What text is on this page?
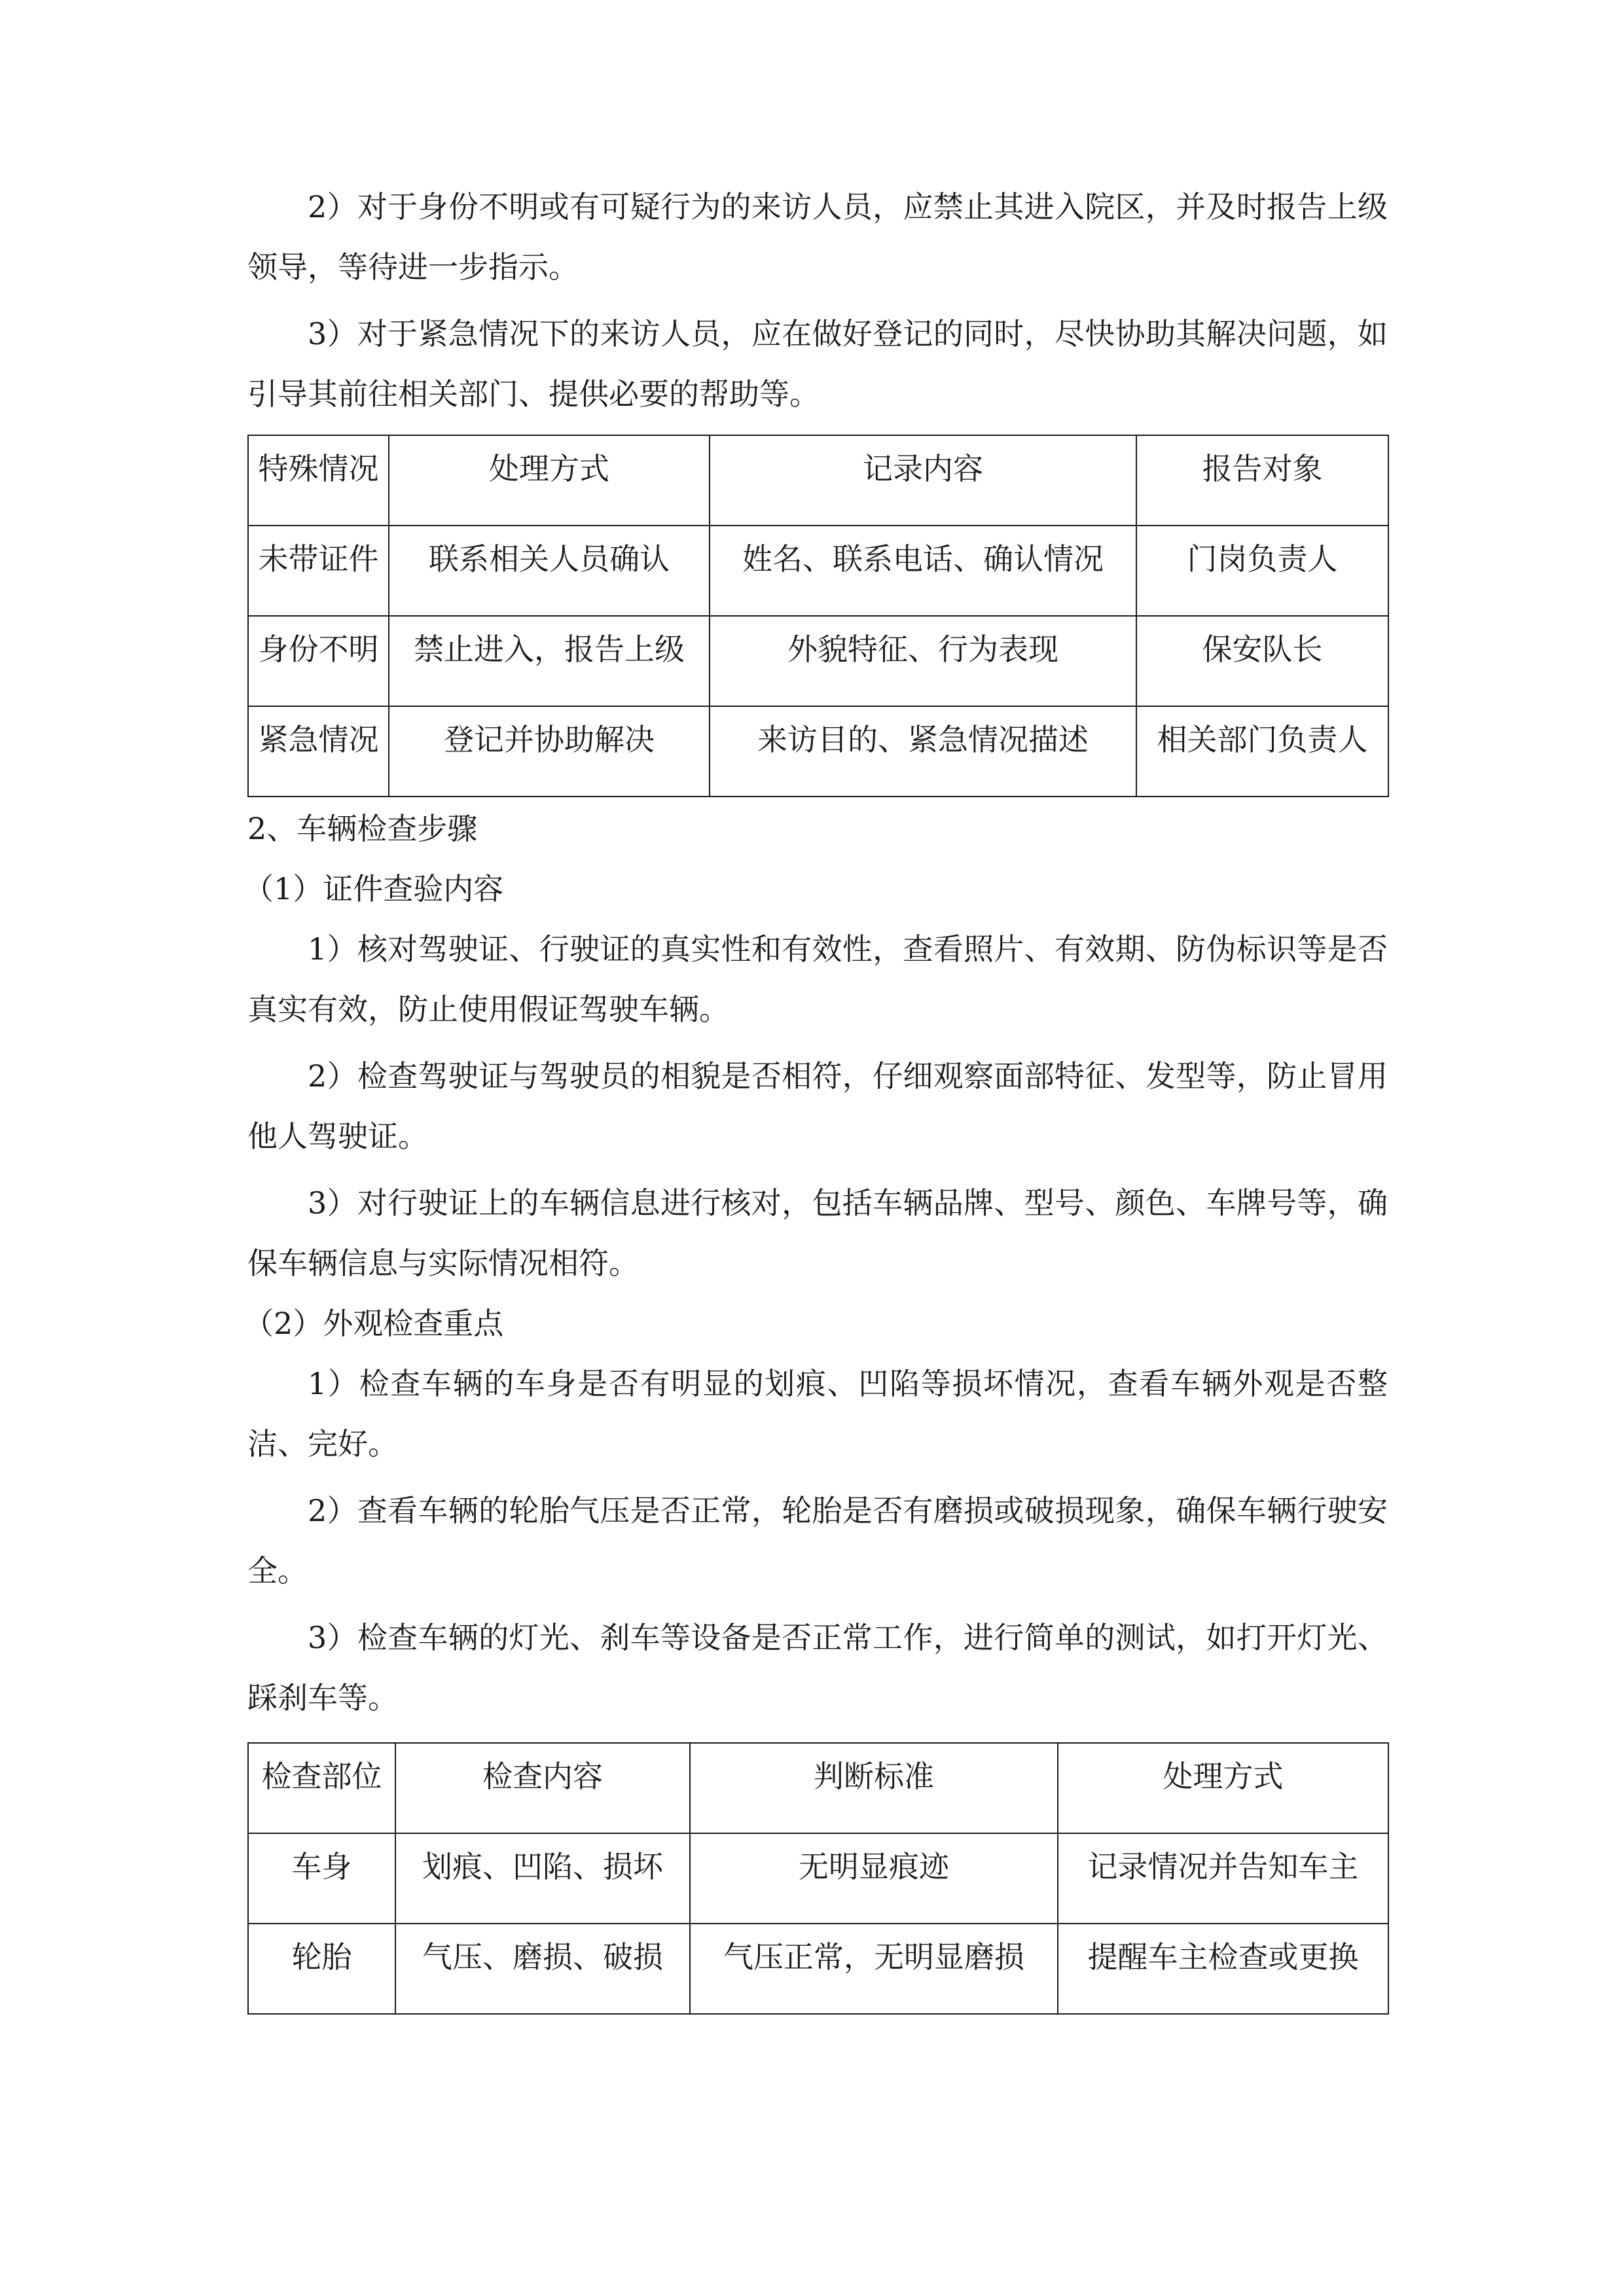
2）对于身份不明或有可疑行为的来访人员，应禁止其进入院区，并及时报告上级领导，等待进一步指示。

3）对于紧急情况下的来访人员，应在做好登记的同时，尽快协助其解决问题，如引导其前往相关部门、提供必要的帮助等。

特殊情况	处理方式	记录内容	报告对象
未带证件	联系相关人员确认	姓名、联系电话、确认情况	门岗负责人
身份不明	禁止进入，报告上级	外貌特征、行为表现	保安队长
紧急情况	登记并协助解决	来访目的、紧急情况描述	相关部门负责人

2、车辆检查步骤

（1）证件查验内容

1）核对驾驶证、行驶证的真实性和有效性，查看照片、有效期、防伪标识等是否真实有效，防止使用假证驾驶车辆。

2）检查驾驶证与驾驶员的相貌是否相符，仔细观察面部特征、发型等，防止冒用他人驾驶证。

3）对行驶证上的车辆信息进行核对，包括车辆品牌、型号、颜色、车牌号等，确保车辆信息与实际情况相符。

（2）外观检查重点

1）检查车辆的车身是否有明显的划痕、凹陷等损坏情况，查看车辆外观是否整洁、完好。

2）查看车辆的轮胎气压是否正常，轮胎是否有磨损或破损现象，确保车辆行驶安全。

3）检查车辆的灯光、刹车等设备是否正常工作，进行简单的测试，如打开灯光、踩刹车等。

检查部位	检查内容	判断标准	处理方式
车身	划痕、凹陷、损坏	无明显痕迹	记录情况并告知车主
轮胎	气压、磨损、破损	气压正常，无明显磨损	提醒车主检查或更换
